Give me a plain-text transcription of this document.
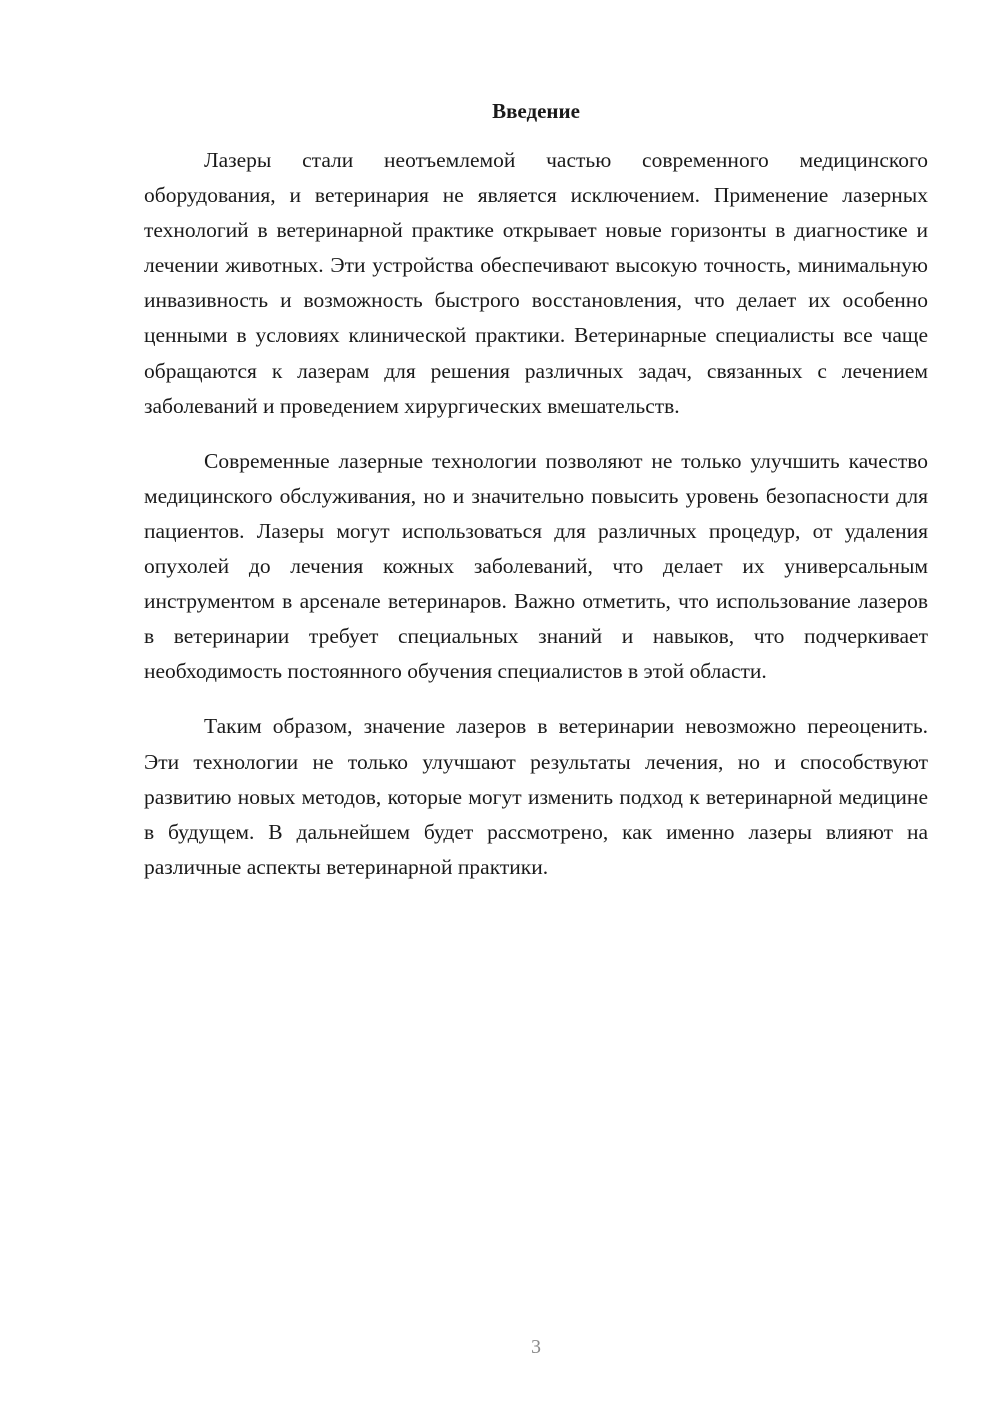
Введение

Лазеры стали неотъемлемой частью современного медицинского оборудования, и ветеринария не является исключением. Применение лазерных технологий в ветеринарной практике открывает новые горизонты в диагностике и лечении животных. Эти устройства обеспечивают высокую точность, минимальную инвазивность и возможность быстрого восстановления, что делает их особенно ценными в условиях клинической практики. Ветеринарные специалисты все чаще обращаются к лазерам для решения различных задач, связанных с лечением заболеваний и проведением хирургических вмешательств.

Современные лазерные технологии позволяют не только улучшить качество медицинского обслуживания, но и значительно повысить уровень безопасности для пациентов. Лазеры могут использоваться для различных процедур, от удаления опухолей до лечения кожных заболеваний, что делает их универсальным инструментом в арсенале ветеринаров. Важно отметить, что использование лазеров в ветеринарии требует специальных знаний и навыков, что подчеркивает необходимость постоянного обучения специалистов в этой области.

Таким образом, значение лазеров в ветеринарии невозможно переоценить. Эти технологии не только улучшают результаты лечения, но и способствуют развитию новых методов, которые могут изменить подход к ветеринарной медицине в будущем. В дальнейшем будет рассмотрено, как именно лазеры влияют на различные аспекты ветеринарной практики.

3
